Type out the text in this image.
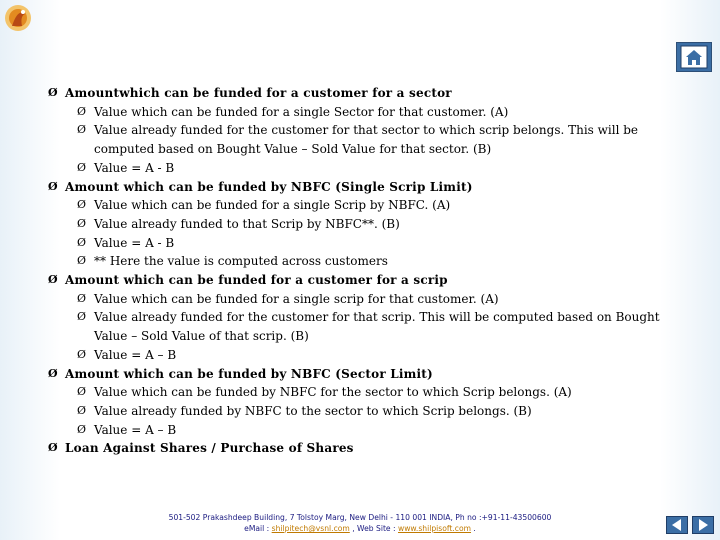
Ø Amountwhich can be funded for a customer for a sector
Ø Value which can be funded for a single Sector for that customer. (A)
Ø Value already funded for the customer for that sector to which scrip belongs. This will be computed based on Bought Value – Sold Value for that sector. (B)
Ø Value = A - B
Ø Amount which can be funded by NBFC (Single Scrip Limit)
Ø Value which can be funded for a single Scrip by NBFC. (A)
Ø Value already funded to that Scrip by NBFC**. (B)
Ø Value = A - B
Ø ** Here the value is computed across customers
Ø Amount which can be funded for a customer for a scrip
Ø Value which can be funded for a single scrip for that customer. (A)
Ø Value already funded for the customer for that scrip. This will be computed based on Bought Value – Sold Value of that scrip. (B)
Ø Value = A – B
Ø Amount which can be funded by NBFC (Sector Limit)
Ø Value which can be funded by NBFC for the sector to which Scrip belongs. (A)
Ø Value already funded by NBFC to the sector to which Scrip belongs. (B)
Ø Value = A – B
Ø Loan Against Shares / Purchase of Shares
501-502 Prakashdeep Building, 7 Tolstoy Marg, New Delhi - 110 001 INDIA, Ph no :+91-11-43500600
eMail : shilpitech@vsnl.com , Web Site : www.shilpisoft.com .
